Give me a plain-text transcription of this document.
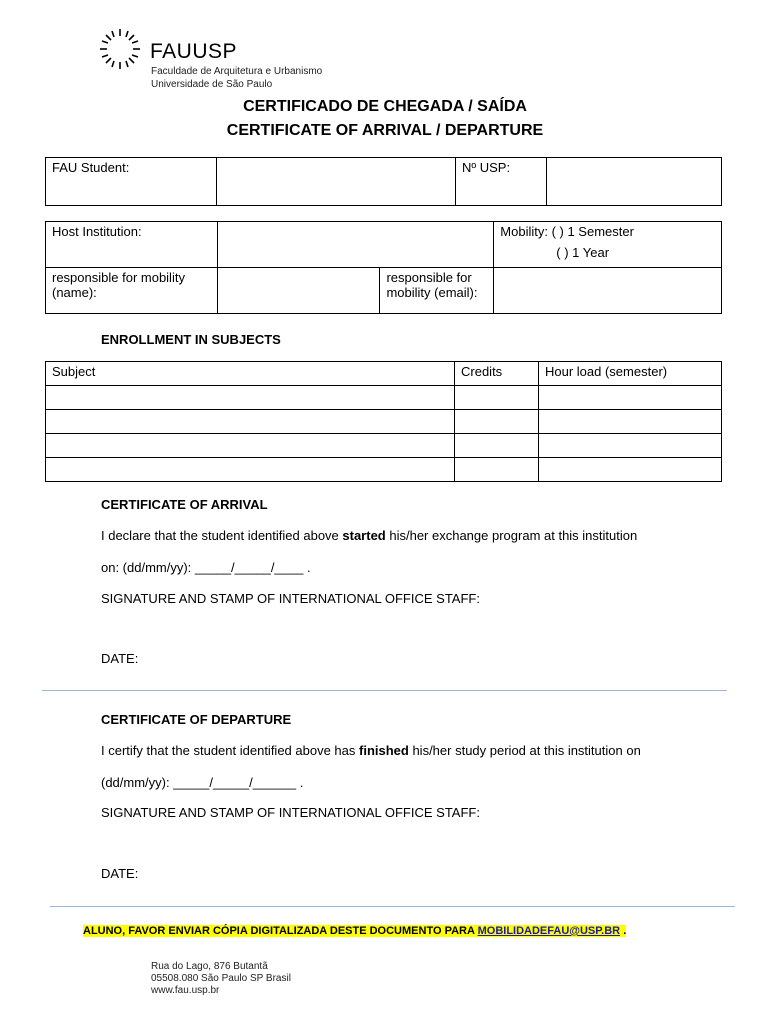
FAUUSP
Faculdade de Arquitetura e Urbanismo
Universidade de São Paulo
CERTIFICADO DE CHEGADA / SAÍDA
CERTIFICATE OF ARRIVAL / DEPARTURE
FAU Student:		Nº USP:	
Host Institution:			Mobility: ( ) 1 Semester
( ) 1 Year

responsible for mobility (name):		responsible for mobility (email):	
ENROLLMENT IN SUBJECTS
Subject	Credits	Hour load (semester)

CERTIFICATE OF ARRIVAL
I declare that the student identified above started his/her exchange program at this institution
on: (dd/mm/yy): _____/_____/____ .
SIGNATURE AND STAMP OF INTERNATIONAL OFFICE STAFF:
DATE:
CERTIFICATE OF DEPARTURE
I certify that the student identified above has finished his/her study period at this institution on
(dd/mm/yy): _____/_____/______ .
SIGNATURE AND STAMP OF INTERNATIONAL OFFICE STAFF:
DATE:
ALUNO, FAVOR ENVIAR CÓPIA DIGITALIZADA DESTE DOCUMENTO PARA MOBILIDADEFAU@USP.BR .
Rua do Lago, 876 Butantã
05508.080 São Paulo SP Brasil
www.fau.usp.br
